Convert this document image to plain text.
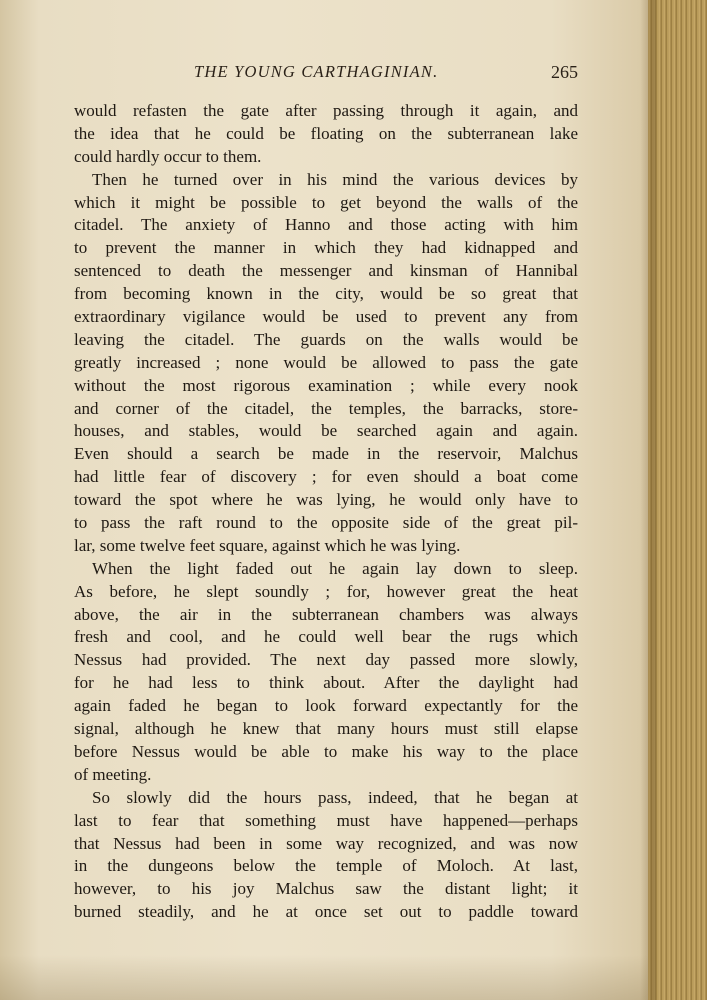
THE YOUNG CARTHAGINIAN.	265
would refasten the gate after passing through it again, and
the idea that he could be floating on the subterranean lake
could hardly occur to them.
Then he turned over in his mind the various devices by
which it might be possible to get beyond the walls of the
citadel. The anxiety of Hanno and those acting with him
to prevent the manner in which they had kidnapped and
sentenced to death the messenger and kinsman of Hannibal
from becoming known in the city, would be so great that
extraordinary vigilance would be used to prevent any from
leaving the citadel. The guards on the walls would be
greatly increased ; none would be allowed to pass the gate
without the most rigorous examination ; while every nook
and corner of the citadel, the temples, the barracks, store-
houses, and stables, would be searched again and again.
Even should a search be made in the reservoir, Malchus
had little fear of discovery ; for even should a boat come
toward the spot where he was lying, he would only have to
to pass the raft round to the opposite side of the great pil-
lar, some twelve feet square, against which he was lying.
When the light faded out he again lay down to sleep.
As before, he slept soundly ; for, however great the heat
above, the air in the subterranean chambers was always
fresh and cool, and he could well bear the rugs which
Nessus had provided. The next day passed more slowly,
for he had less to think about. After the daylight had
again faded he began to look forward expectantly for the
signal, although he knew that many hours must still elapse
before Nessus would be able to make his way to the place
of meeting.
So slowly did the hours pass, indeed, that he began at
last to fear that something must have happened—perhaps
that Nessus had been in some way recognized, and was now
in the dungeons below the temple of Moloch. At last,
however, to his joy Malchus saw the distant light; it
burned steadily, and he at once set out to paddle toward
